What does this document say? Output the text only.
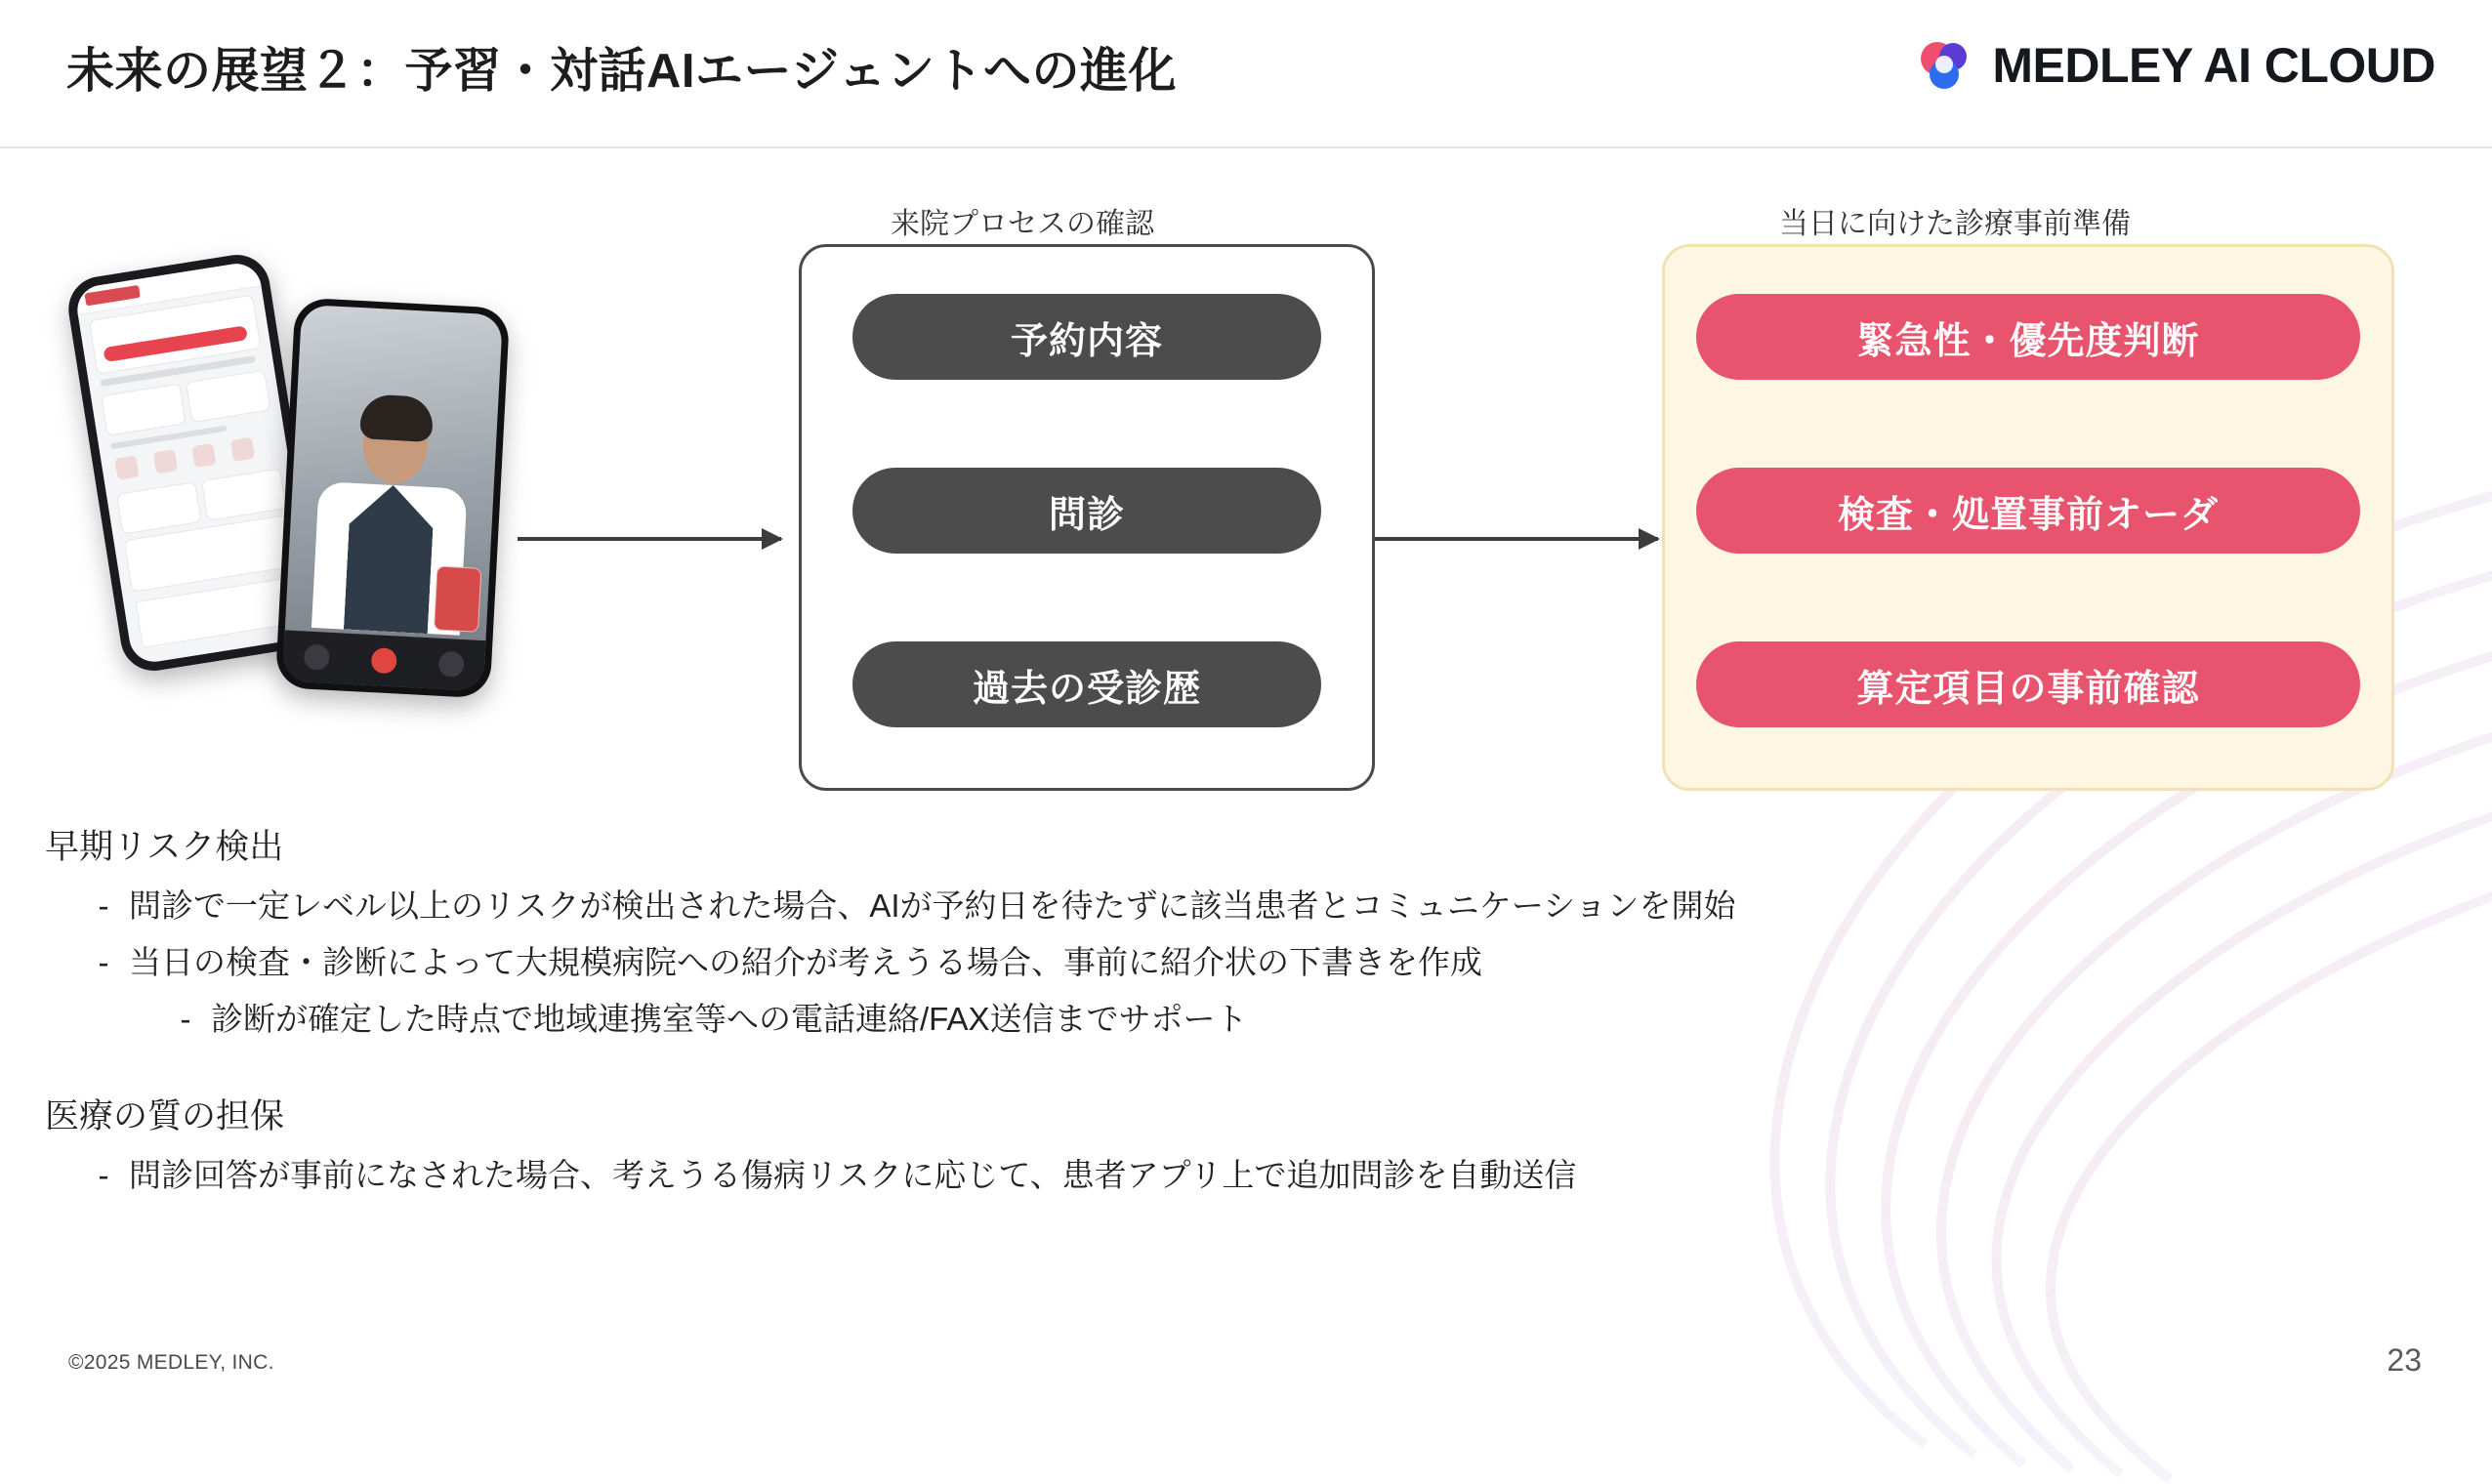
未来の展望２：予習・対話AIエージェントへの進化	MEDLEY AI CLOUD
来院プロセスの確認	当日に向けた診療事前準備
予約内容
問診
過去の受診歴
緊急性・優先度判断
検査・処置事前オーダ
算定項目の事前確認

早期リスク検出

- 問診で一定レベル以上のリスクが検出された場合、AIが予約日を待たずに該当患者とコミュニケーションを開始
- 当日の検査・診断によって大規模病院への紹介が考えうる場合、事前に紹介状の下書きを作成
- 診断が確定した時点で地域連携室等への電話連絡/FAX送信までサポート

医療の質の担保

- 問診回答が事前になされた場合、考えうる傷病リスクに応じて、患者アプリ上で追加問診を自動送信
©2025 MEDLEY, INC.	23
